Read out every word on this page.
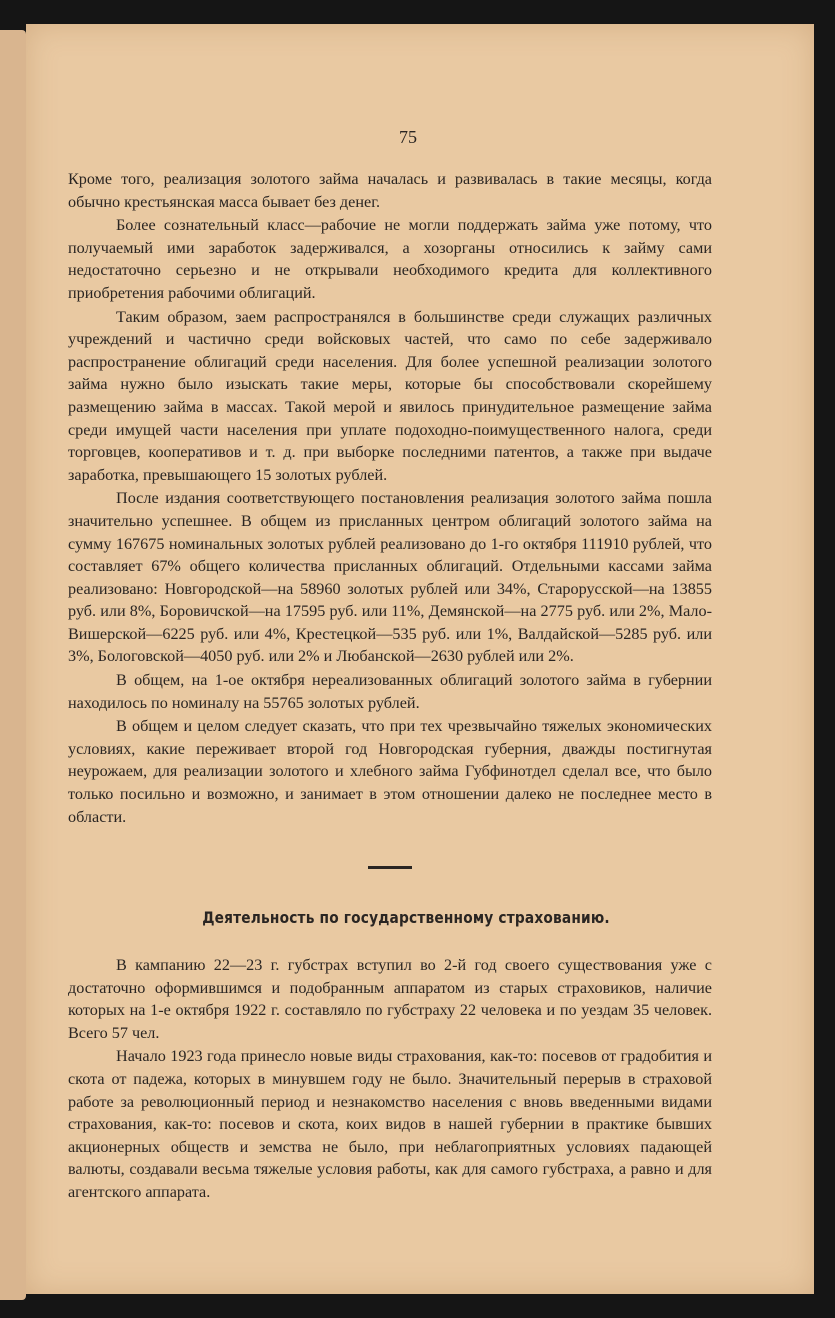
75

Кроме того, реализация золотого займа началась и развивалась в такие месяцы, когда обычно крестьянская масса бывает без денег.

Более сознательный класс—рабочие не могли поддержать займа уже потому, что получаемый ими заработок задерживался, а хозорганы относились к займу сами недостаточно серьезно и не открывали необходимого кредита для коллективного приобретения рабочими облигаций.

Таким образом, заем распространялся в большинстве среди служащих различных учреждений и частично среди войсковых частей, что само по себе задерживало распространение облигаций среди населения. Для более успешной реализации золотого займа нужно было изыскать такие меры, которые бы способствовали скорейшему размещению займа в массах. Такой мерой и явилось принудительное размещение займа среди имущей части населения при уплате подоходно-поимущественного налога, среди торговцев, кооперативов и т. д. при выборке последними патентов, а также при выдаче заработка, превышающего 15 золотых рублей.

После издания соответствующего постановления реализация золотого займа пошла значительно успешнее. В общем из присланных центром облигаций золотого займа на сумму 167675 номинальных золотых рублей реализовано до 1-го октября 111910 рублей, что составляет 67% общего количества присланных облигаций. Отдельными кассами займа реализовано: Новгородской—на 58960 золотых рублей или 34%, Старорусской—на 13855 руб. или 8%, Боровичской—на 17595 руб. или 11%, Демянской—на 2775 руб. или 2%, Мало-Вишерской—6225 руб. или 4%, Крестецкой—535 руб. или 1%, Валдайской—5285 руб. или 3%, Бологовской—4050 руб. или 2% и Любанской—2630 рублей или 2%.

В общем, на 1-ое октября нереализованных облигаций золотого займа в губернии находилось по номиналу на 55765 золотых рублей.

В общем и целом следует сказать, что при тех чрезвычайно тяжелых экономических условиях, какие переживает второй год Новгородская губерния, дважды постигнутая неурожаем, для реализации золотого и хлебного займа Губфинотдел сделал все, что было только посильно и возможно, и занимает в этом отношении далеко не последнее место в области.

Деятельность по государственному страхованию.

В кампанию 22—23 г. губстрах вступил во 2-й год своего существования уже с достаточно оформившимся и подобранным аппаратом из старых страховиков, наличие которых на 1-е октября 1922 г. составляло по губстраху 22 человека и по уездам 35 человек. Всего 57 чел.

Начало 1923 года принесло новые виды страхования, как-то: посевов от градобития и скота от падежа, которых в минувшем году не было. Значительный перерыв в страховой работе за революционный период и незнакомство населения с вновь введенными видами страхования, как-то: посевов и скота, коих видов в нашей губернии в практике бывших акционерных обществ и земства не было, при неблагоприятных условиях падающей валюты, создавали весьма тяжелые условия работы, как для самого губстраха, а равно и для агентского аппарата.
